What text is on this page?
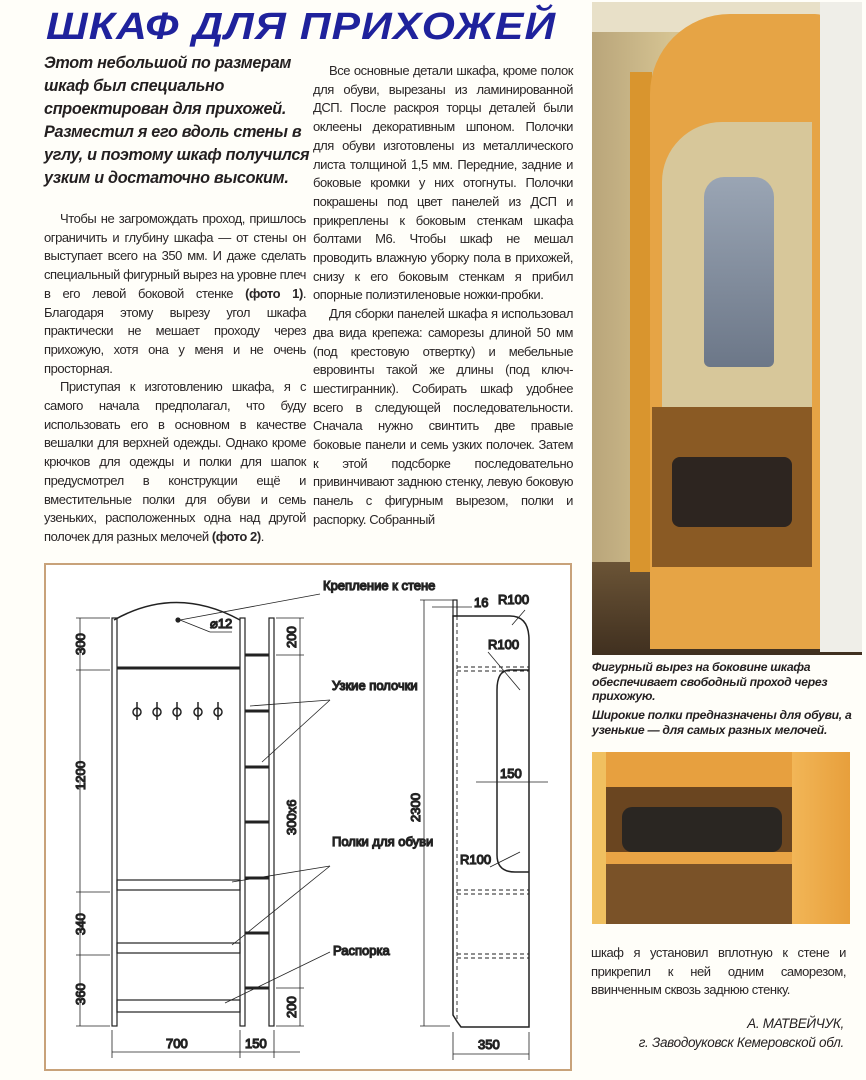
ШКАФ ДЛЯ ПРИХОЖЕЙ
Этот небольшой по размерам шкаф был специально спроектирован для прихожей. Разместил я его вдоль стены в углу, и поэтому шкаф получился узким и достаточно высоким.

Чтобы не загромождать проход, пришлось ограничить и глубину шкафа — от стены он выступает всего на 350 мм. И даже сделать специальный фигурный вырез на уровне плеч в его левой боковой стенке (фото 1). Благодаря этому вырезу угол шкафа практически не мешает проходу через прихожую, хотя она у меня и не очень просторная.

Приступая к изготовлению шкафа, я с самого начала предполагал, что буду использовать его в основном в качестве вешалки для верхней одежды. Однако кроме крючков для одежды и полки для шапок предусмотрел в конструкции ещё и вместительные полки для обуви и семь узеньких, расположенных одна над другой полочек для разных мелочей (фото 2).

Все основные детали шкафа, кроме полок для обуви, вырезаны из ламинированной ДСП. После раскроя торцы деталей были оклеены декоративным шпоном. Полочки для обуви изготовлены из металлического листа толщиной 1,5 мм. Передние, задние и боковые кромки у них отогнуты. Полочки покрашены под цвет панелей из ДСП и прикреплены к боковым стенкам шкафа болтами М6. Чтобы шкаф не мешал проводить влажную уборку пола в прихожей, снизу к его боковым стенкам я прибил опорные полиэтиленовые ножки-пробки.

Для сборки панелей шкафа я использовал два вида крепежа: саморезы длиной 50 мм (под крестовую отвертку) и мебельные евровинты такой же длины (под ключ-шестигранник). Собирать шкаф удобнее всего в следующей последовательности. Сначала нужно свинтить две правые боковые панели и семь узких полочек. Затем к этой подсборке последовательно привинчивают заднюю стенку, левую боковую панель с фигурным вырезом, полки и распорку. Собранный

Фигурный вырез на боковине шкафа обеспечивает свободный проход через прихожую.
Широкие полки предназначены для обуви, а узенькие — для самых разных мелочей.

шкаф я установил вплотную к стене и прикрепил к ней одним саморезом, ввинченным сквозь заднюю стенку.

А. МАТВЕЙЧУК,
г. Заводоуковск Кемеровской обл.
Крепление к стене
⌀12
Узкие полочки
Полки для обуви
Распорка
300
1200
340
360
200
300х6
200
700	150
16 R100
R100
150
R100
2300
350
